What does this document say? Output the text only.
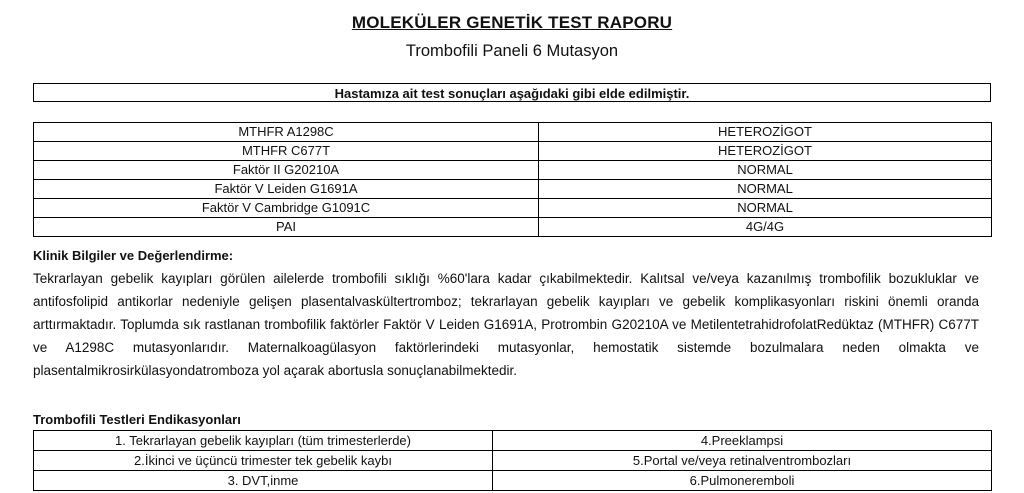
MOLEKÜLER GENETİK TEST RAPORU
Trombofili Paneli 6 Mutasyon
Hastamıza ait test sonuçları aşağıdaki gibi elde edilmiştir.
MTHFR A1298C	HETEROZİGOT
MTHFR C677T	HETEROZİGOT
Faktör II G20210A	NORMAL
Faktör V Leiden G1691A	NORMAL
Faktör V Cambridge G1091C	NORMAL
PAI	4G/4G
Klinik Bilgiler ve Değerlendirme:
Tekrarlayan gebelik kayıpları görülen ailelerde trombofili sıklığı %60'lara kadar çıkabilmektedir. Kalıtsal ve/veya kazanılmış trombofilik bozukluklar ve antifosfolipid antikorlar nedeniyle gelişen plasentalvaskültertromboz; tekrarlayan gebelik kayıpları ve gebelik komplikasyonları riskini önemli oranda arttırmaktadır. Toplumda sık rastlanan trombofilik faktörler Faktör V Leiden G1691A, Protrombin G20210A ve MetilentetrahidrofolatRedüktaz (MTHFR) C677T ve A1298C mutasyonlarıdır. Maternalkoagülasyon faktörlerindeki mutasyonlar, hemostatik sistemde bozulmalara neden olmakta ve plasentalmikrosirkülasyondatromboza yol açarak abortusla sonuçlanabilmektedir.
Trombofili Testleri Endikasyonları
1. Tekrarlayan gebelik kayıpları (tüm trimesterlerde)	4.Preeklampsi
2.İkinci ve üçüncü trimester tek gebelik kaybı	5.Portal ve/veya retinalventrombozları
3. DVT,inme	6.Pulmoneremboli
